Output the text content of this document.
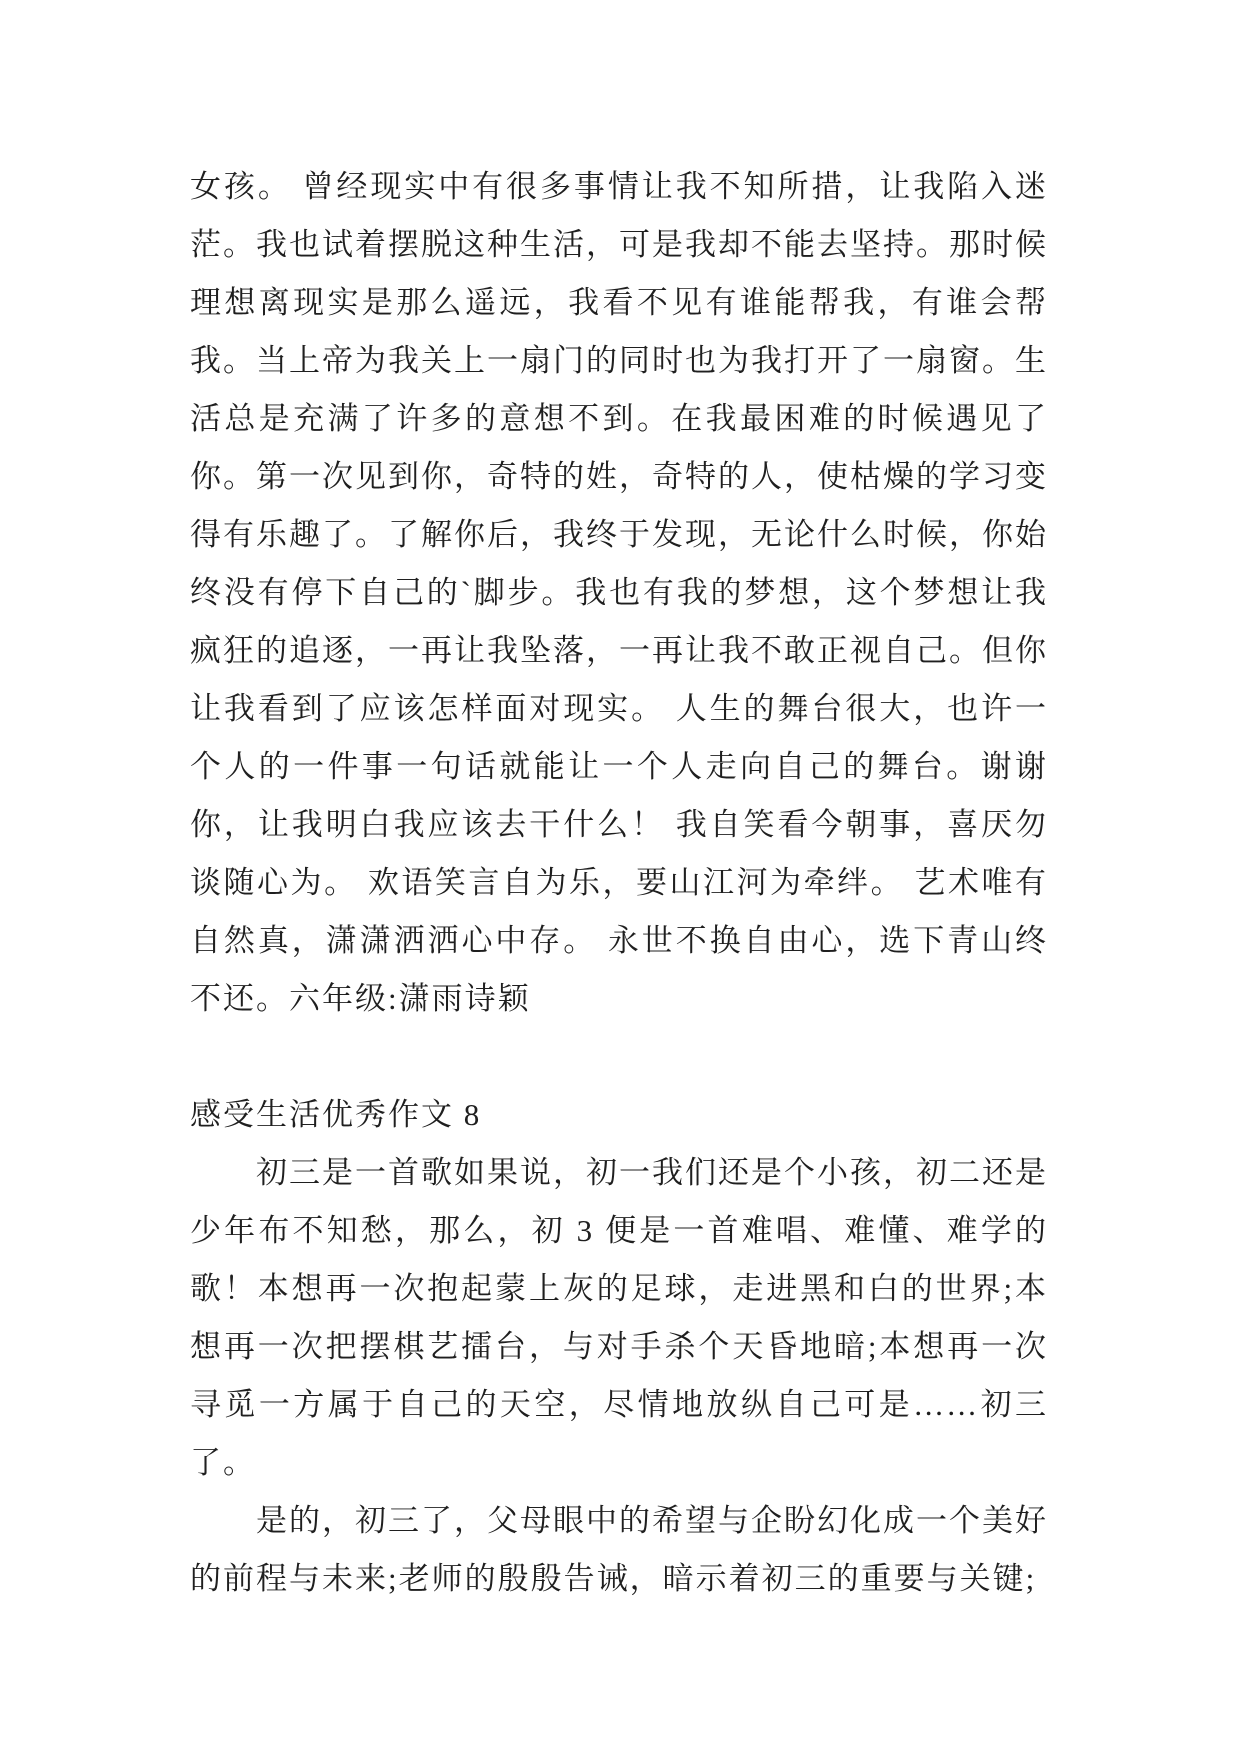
女孩。 曾经现实中有很多事情让我不知所措，让我陷入迷茫。我也试着摆脱这种生活，可是我却不能去坚持。那时候理想离现实是那么遥远，我看不见有谁能帮我，有谁会帮我。当上帝为我关上一扇门的同时也为我打开了一扇窗。生活总是充满了许多的意想不到。在我最困难的时候遇见了你。第一次见到你，奇特的姓，奇特的人，使枯燥的学习变得有乐趣了。了解你后，我终于发现，无论什么时候，你始终没有停下自己的`脚步。我也有我的梦想，这个梦想让我疯狂的追逐，一再让我坠落，一再让我不敢正视自己。但你让我看到了应该怎样面对现实。 人生的舞台很大，也许一个人的一件事一句话就能让一个人走向自己的舞台。谢谢你，让我明白我应该去干什么！ 我自笑看今朝事，喜厌勿谈随心为。 欢语笑言自为乐，要山江河为牵绊。 艺术唯有自然真，潇潇洒洒心中存。 永世不换自由心，选下青山终不还。六年级:潇雨诗颖

感受生活优秀作文 8

初三是一首歌如果说，初一我们还是个小孩，初二还是少年布不知愁，那么，初 3 便是一首难唱、难懂、难学的歌！本想再一次抱起蒙上灰的足球，走进黑和白的世界;本想再一次把摆棋艺擂台，与对手杀个天昏地暗;本想再一次寻觅一方属于自己的天空，尽情地放纵自己可是……初三了。

是的，初三了，父母眼中的希望与企盼幻化成一个美好的前程与未来;老师的殷殷告诫，暗示着初三的重要与关键;
